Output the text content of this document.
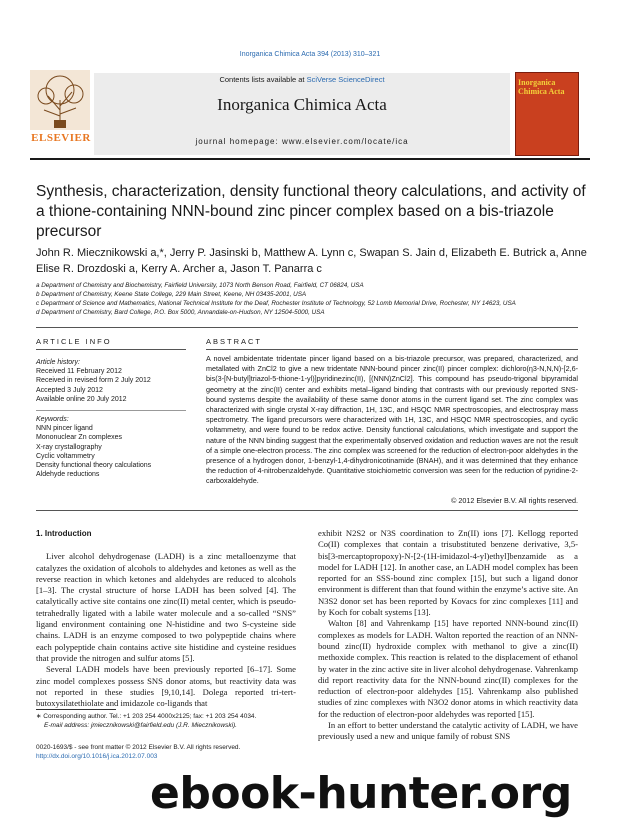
Inorganica Chimica Acta 394 (2013) 310–321
ELSEVIER
Contents lists available at SciVerse ScienceDirect
Inorganica Chimica Acta
journal homepage: www.elsevier.com/locate/ica
Inorganica Chimica Acta
Synthesis, characterization, density functional theory calculations, and activity of a thione-containing NNN-bound zinc pincer complex based on a bis-triazole precursor
John R. Miecznikowski a,*, Jerry P. Jasinski b, Matthew A. Lynn c, Swapan S. Jain d, Elizabeth E. Butrick a, Anne Elise R. Drozdoski a, Kerry A. Archer a, Jason T. Panarra c
a Department of Chemistry and Biochemistry, Fairfield University, 1073 North Benson Road, Fairfield, CT 06824, USA
b Department of Chemistry, Keene State College, 229 Main Street, Keene, NH 03435-2001, USA
c Department of Science and Mathematics, National Technical Institute for the Deaf, Rochester Institute of Technology, 52 Lomb Memorial Drive, Rochester, NY 14623, USA
d Department of Chemistry, Bard College, P.O. Box 5000, Annandale-on-Hudson, NY 12504-5000, USA
ARTICLE INFO	ABSTRACT
Article history:
Received 11 February 2012
Received in revised form 2 July 2012
Accepted 3 July 2012
Available online 20 July 2012
Keywords:
NNN pincer ligand
Mononuclear Zn complexes
X-ray crystallography
Cyclic voltammetry
Density functional theory calculations
Aldehyde reductions
A novel ambidentate tridentate pincer ligand based on a bis-triazole precursor, was prepared, characterized, and metallated with ZnCl2 to give a new tridentate NNN-bound pincer zinc(II) pincer complex: dichloro(η3-N,N,N)-[2,6-bis(3-[N-butyl]triazol-5-thione-1-yl)]pyridinezinc(II), [(NNN)ZnCl2]. This compound has pseudo-trigonal bipyramidal geometry at the zinc(II) center and exhibits metal–ligand binding that contrasts with our previously reported SNS-bound systems despite the availability of these same donor atoms in the current ligand set. The zinc complex was characterized with single crystal X-ray diffraction, 1H, 13C, and HSQC NMR spectroscopies, and electrospray mass spectrometry. The ligand precursors were characterized with 1H, 13C, and HSQC NMR spectroscopies, and cyclic voltammetry, and were found to be redox active. Density functional calculations, which investigate and support the nature of the NNN binding suggest that the experimentally observed oxidation and reduction waves are not the result of a simple one-electron process. The zinc complex was screened for the reduction of electron-poor aldehydes in the presence of a hydrogen donor, 1-benzyl-1,4-dihydronicotinamide (BNAH), and it was determined that they enhance the reduction of 4-nitrobenzaldehyde. Quantitative stoichiometric conversion was seen for the reduction of pyridine-2-carboxaldehyde.
© 2012 Elsevier B.V. All rights reserved.
1. Introduction

Liver alcohol dehydrogenase (LADH) is a zinc metalloenzyme that catalyzes the oxidation of alcohols to aldehydes and ketones as well as the reverse reaction in which ketones and aldehydes are reduced to alcohols [1–3]. The crystal structure of horse LADH has been solved [4]. The catalytically active site contains one zinc(II) metal center, which is pseudo-tetrahedrally ligated with a labile water molecule and a so-called “SNS” ligand environment containing one N-histidine and two S-cysteine side chains. LADH is an enzyme composed to two polypeptide chains where each polypeptide chain contains active site histidine and cysteine residues that provide the nitrogen and sulfur atoms [5].

Several LADH models have been previously reported [6–17]. Some zinc model complexes possess SNS donor atoms, but reactivity data was not reported in these studies [9,10,14]. Dolega reported tri-tert-butoxysilatethiolate and imidazole co-ligands that

exhibit N2S2 or N3S coordination to Zn(II) ions [7]. Kellogg reported Co(II) complexes that contain a trisubstituted benzene derivative, 3,5-bis[3-mercaptopropoxy)-N-[2-(1H-imidazol-4-yl)ethyl]benzamide as a model for LADH [12]. In another case, an LADH model complex has been reported for an SSS-bound zinc complex [15], but such a ligand donor environment is different than that found within the enzyme’s active site. An N3S2 donor set has been reported by Kovacs for zinc complexes [11] and by Koch for cobalt systems [13].

Walton [8] and Vahrenkamp [15] have reported NNN-bound zinc(II) complexes as models for LADH. Walton reported the reaction of an NNN-bound zinc(II) hydroxide complex with methanol to give a zinc(II) methoxide complex. This reaction is related to the displacement of ethanol by water in the zinc active site in liver alcohol dehydrogenase. Vahrenkamp did report reactivity data for the NNN-bound zinc(II) complexes for the reduction of electron-poor aldehydes [15]. Vahrenkamp also published studies of zinc complexes with N3O2 donor atoms in which reactivity data for the reduction of electron-poor aldehydes was reported [15].

In an effort to better understand the catalytic activity of LADH, we have previously used a new and unique family of robust SNS

∗ Corresponding author. Tel.: +1 203 254 4000x2125; fax: +1 203 254 4034.
E-mail address: jmiecznikowski@fairfield.edu (J.R. Miecznikowski).
0020-1693/$ - see front matter © 2012 Elsevier B.V. All rights reserved.
http://dx.doi.org/10.1016/j.ica.2012.07.003
ebook-hunter.org
